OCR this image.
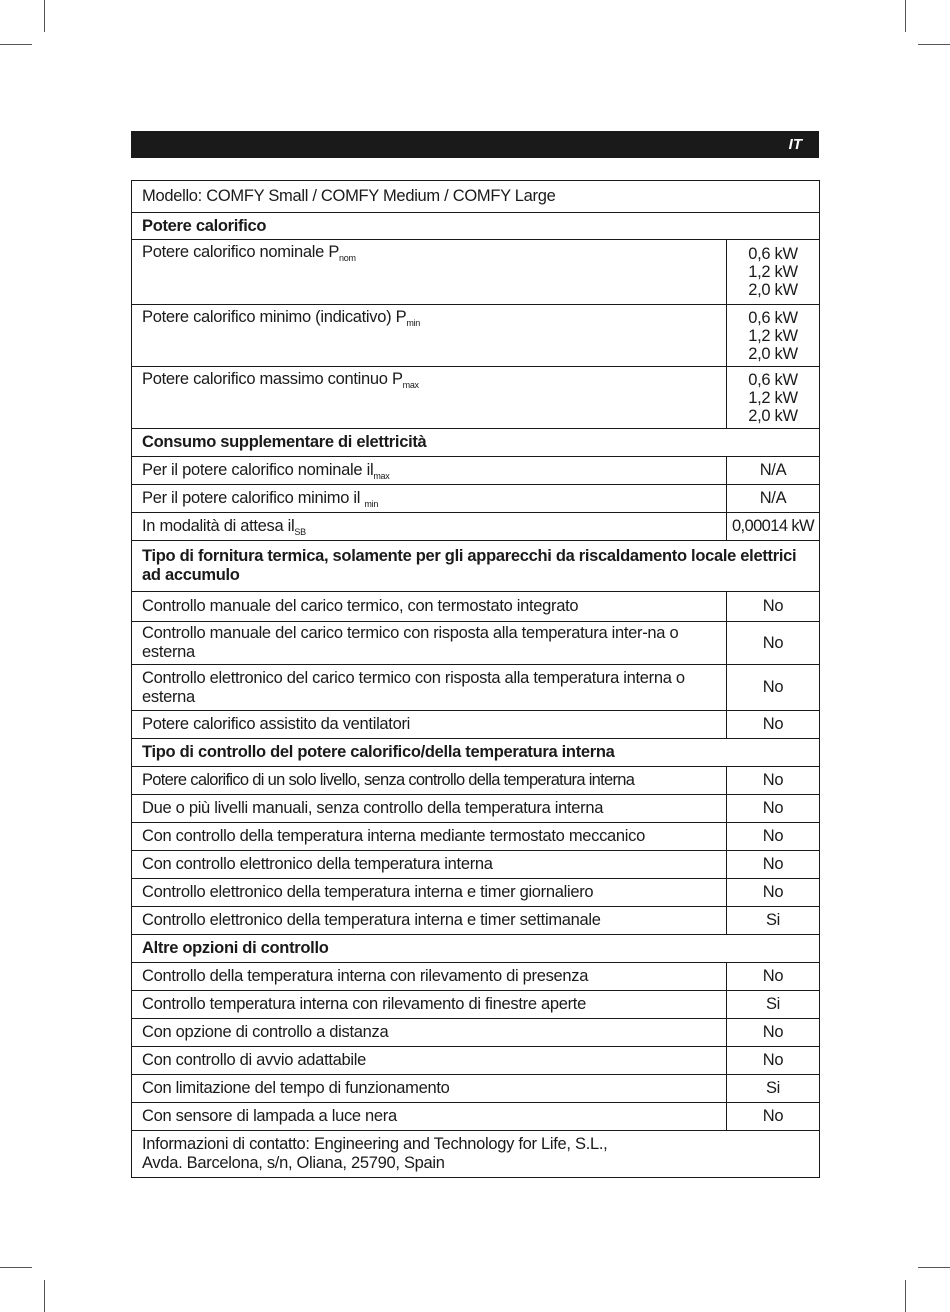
IT
Modello: COMFY Small / COMFY Medium / COMFY Large	
Potere calorifico	
Potere calorifico nominale $P_{nom}$	0,6 kW
1,2 kW
2,0 kW

Potere calorifico minimo (indicativo) $P_{min}$	0,6 kW
1,2 kW
2,0 kW

Potere calorifico massimo continuo $P_{max}$	0,6 kW
1,2 kW
2,0 kW

Consumo supplementare di elettricità	
Per il potere calorifico nominale $il_{max}$	N/A
Per il potere calorifico minimo il $_{min}$	N/A
In modalità di attesa $il_{SB}$	0,00014 kW
Tipo di fornitura termica, solamente per gli apparecchi da riscaldamento locale elettrici ad accumulo	
Controllo manuale del carico termico, con termostato integrato	No
Controllo manuale del carico termico con risposta alla temperatura inter-na o esterna	No
Controllo elettronico del carico termico con risposta alla temperatura interna o esterna	No
Potere calorifico assistito da ventilatori	No
Tipo di controllo del potere calorifico/della temperatura interna	
Potere calorifico di un solo livello, senza controllo della temperatura interna	No
Due o più livelli manuali, senza controllo della temperatura interna	No
Con controllo della temperatura interna mediante termostato meccanico	No
Con controllo elettronico della temperatura interna	No
Controllo elettronico della temperatura interna e timer giornaliero	No
Controllo elettronico della temperatura interna e timer settimanale	Si
Altre opzioni di controllo	
Controllo della temperatura interna con rilevamento di presenza	No
Controllo temperatura interna con rilevamento di finestre aperte	Si
Con opzione di controllo a distanza	No
Con controllo di avvio adattabile	No
Con limitazione del tempo di funzionamento	Si
Con sensore di lampada a luce nera	No
Informazioni di contatto: Engineering and Technology for Life, S.L.,
Avda. Barcelona, s/n, Oliana, 25790, Spain	
